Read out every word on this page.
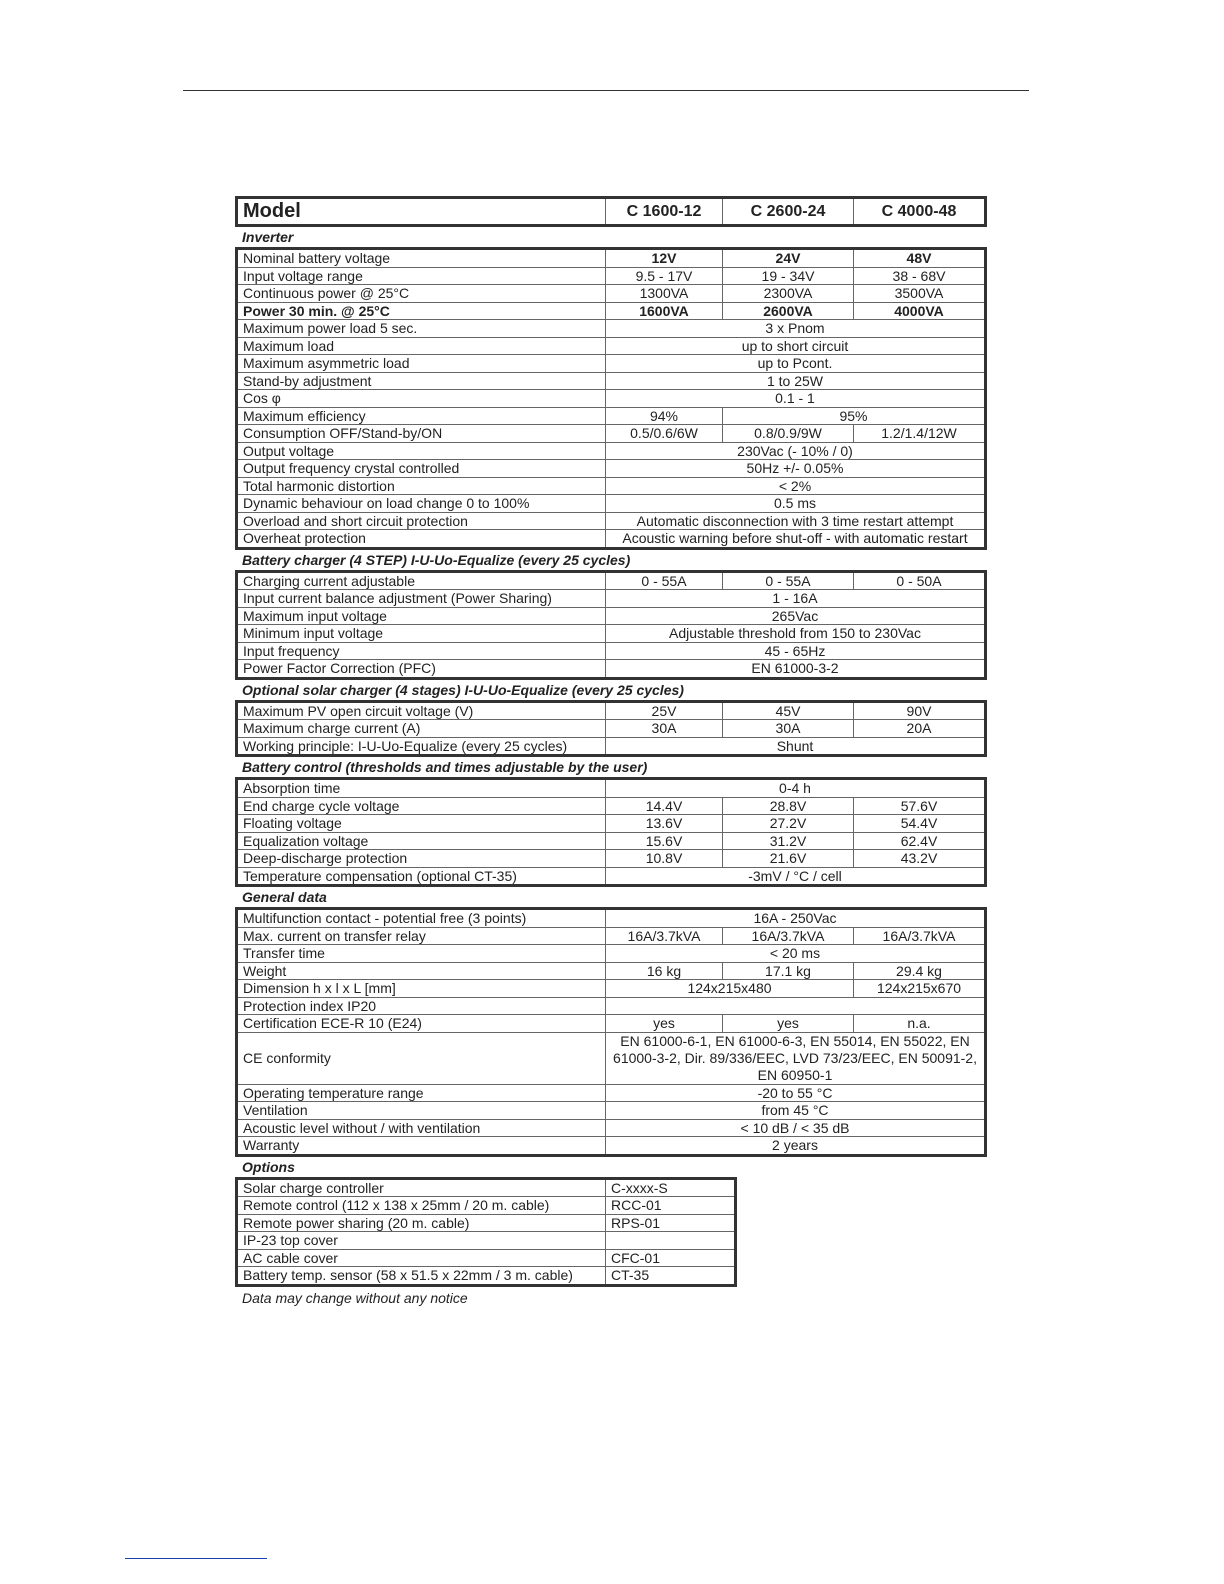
Model	C 1600-12	C 2600-24	C 4000-48
Inverter
Nominal battery voltage	12V	24V	48V
Input voltage range	9.5 - 17V	19 - 34V	38 - 68V
Continuous power @ 25°C	1300VA	2300VA	3500VA
Power 30 min. @ 25°C	1600VA	2600VA	4000VA
Maximum power load 5 sec.	3 x Pnom		
Maximum load	up to short circuit		
Maximum asymmetric load	up to Pcont.		
Stand-by adjustment	1 to 25W		
Cos φ	0.1 - 1		
Maximum efficiency	94%	95%	
Consumption OFF/Stand-by/ON	0.5/0.6/6W	0.8/0.9/9W	1.2/1.4/12W
Output voltage	230Vac (- 10% / 0)		
Output frequency crystal controlled	50Hz +/- 0.05%		
Total harmonic distortion	< 2%		
Dynamic behaviour on load change 0 to 100%	0.5 ms		
Overload and short circuit protection	Automatic disconnection with 3 time restart attempt		
Overheat protection	Acoustic warning before shut-off - with automatic restart		
Battery charger (4 STEP) I-U-Uo-Equalize (every 25 cycles)
Charging current adjustable	0 - 55A	0 - 55A	0 - 50A
Input current balance adjustment (Power Sharing)	1 - 16A		
Maximum input voltage	265Vac		
Minimum input voltage	Adjustable threshold from 150 to 230Vac		
Input frequency	45 - 65Hz		
Power Factor Correction (PFC)	EN 61000-3-2		
Optional solar charger (4 stages) I-U-Uo-Equalize (every 25 cycles)
Maximum PV open circuit voltage (V)	25V	45V	90V
Maximum charge current (A)	30A	30A	20A
Working principle: I-U-Uo-Equalize (every 25 cycles)	Shunt		
Battery control (thresholds and times adjustable by the user)
Absorption time	0-4 h		
End charge cycle voltage	14.4V	28.8V	57.6V
Floating voltage	13.6V	27.2V	54.4V
Equalization voltage	15.6V	31.2V	62.4V
Deep-discharge protection	10.8V	21.6V	43.2V
Temperature compensation (optional CT-35)	-3mV / °C / cell		
General data
Multifunction contact - potential free (3 points)	16A - 250Vac		
Max. current on transfer relay	16A/3.7kVA	16A/3.7kVA	16A/3.7kVA
Transfer time	< 20 ms		
Weight	16 kg	17.1 kg	29.4 kg
Dimension h x l x L [mm]	124x215x480		124x215x670
Protection index IP20			
Certification ECE-R 10 (E24)	yes	yes	n.a.
CE conformity	EN 61000-6-1, EN 61000-6-3, EN 55014, EN 55022, EN 61000-3-2, Dir. 89/336/EEC, LVD 73/23/EEC, EN 50091-2, EN 60950-1		
Operating temperature range	-20 to 55 °C		
Ventilation	from 45 °C		
Acoustic level without / with ventilation	< 10 dB / < 35 dB		
Warranty	2 years		
Options
Solar charge controller	C-xxxx-S
Remote control (112 x 138 x 25mm / 20 m. cable)	RCC-01
Remote power sharing (20 m. cable)	RPS-01
IP-23 top cover	
AC cable cover	CFC-01
Battery temp. sensor (58 x 51.5 x 22mm / 3 m. cable)	CT-35
Data may change without any notice
